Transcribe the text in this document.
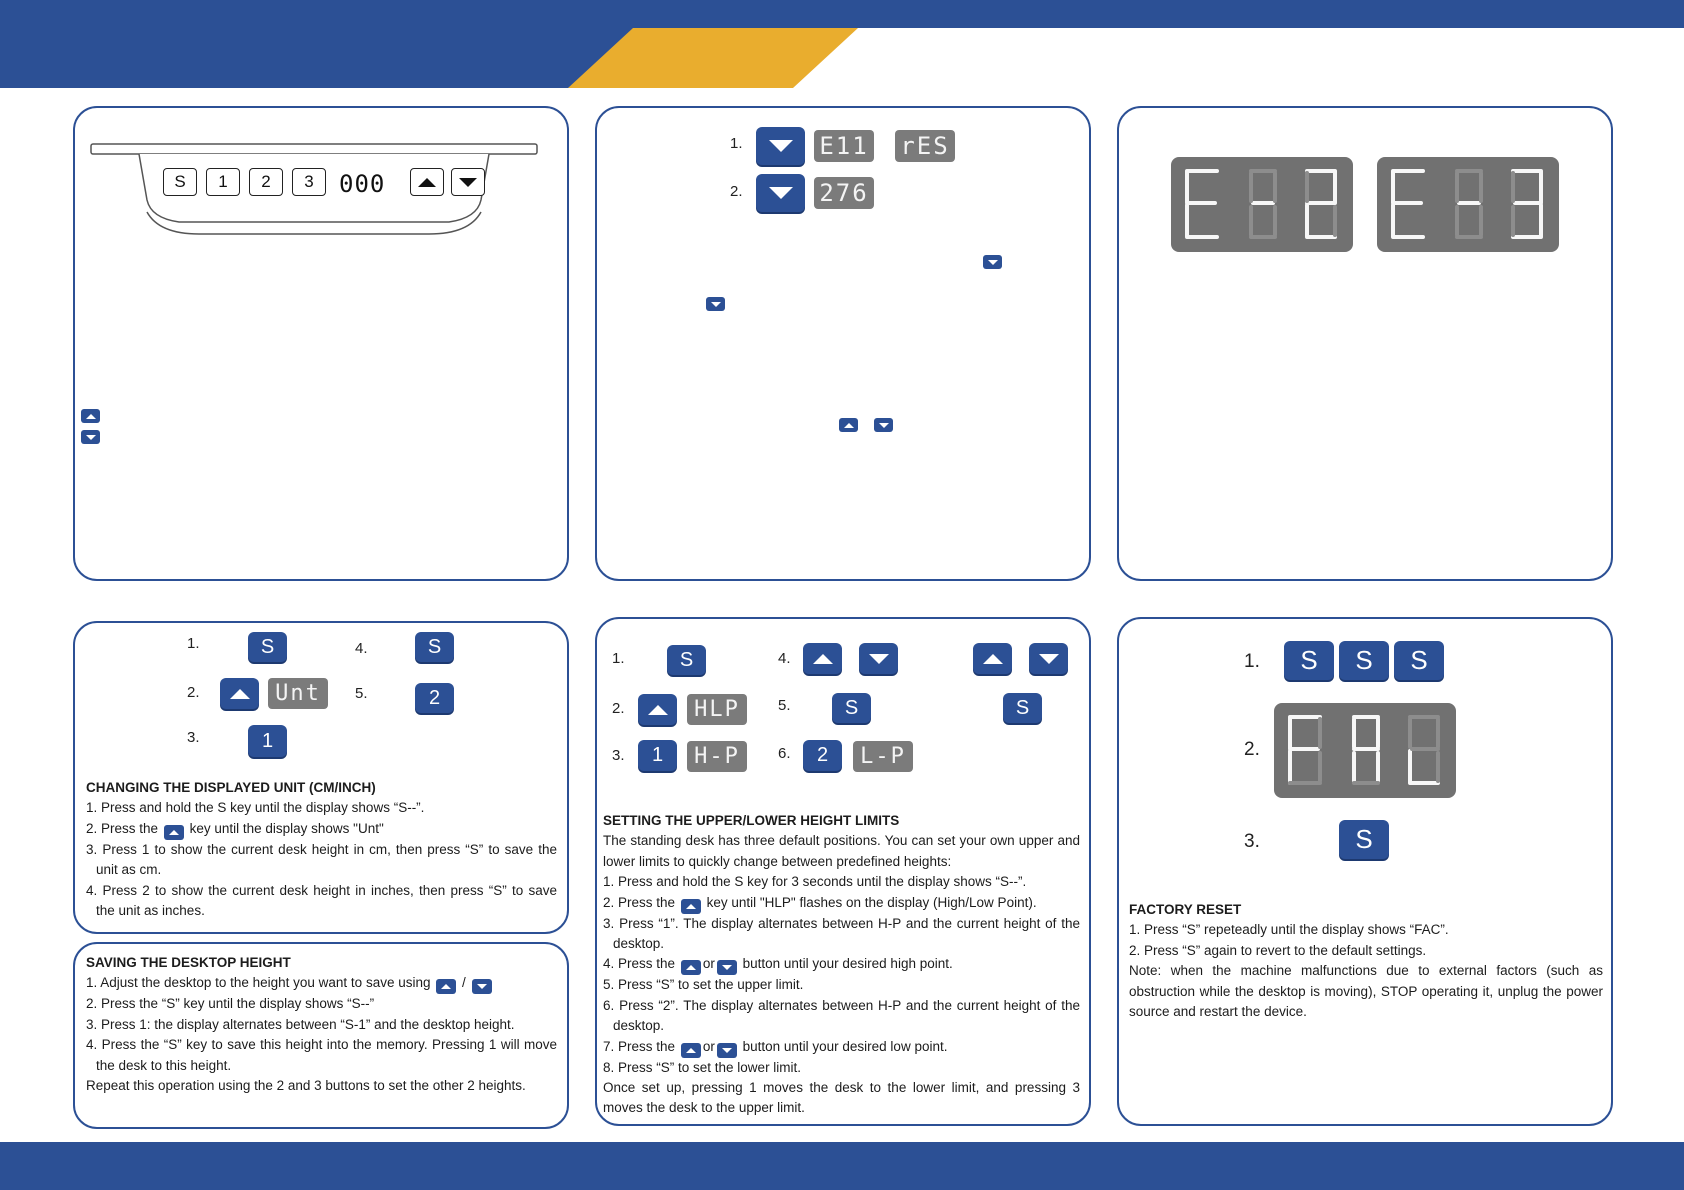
S	1	2	3	000
1.
2.
E11 rES
276
1.
2.
3.
4.
5.
S
Unt
1
S
2
CHANGING THE DISPLAYED UNIT (CM/INCH)
1. Press and hold the S key until the display shows “S--”.
2. Press the key until the display shows "Unt"
3. Press 1 to show the current desk height in cm, then press “S” to save the unit as cm.
4. Press 2 to show the current desk height in inches, then press “S” to save the unit as inches.
SAVING THE DESKTOP HEIGHT
1. Adjust the desktop to the height you want to save using /
2. Press the “S” key until the display shows “S--”
3. Press 1: the display alternates between “S-1” and the desktop height.
4. Press the “S” key to save this height into the memory. Pressing 1 will move the desk to this height.
Repeat this operation using the 2 and 3 buttons to set the other 2 heights.
1.
2.
3.
4.
5.
6.
S
HLP
1	H-P
S	S
2	L-P
SETTING THE UPPER/LOWER HEIGHT LIMITS
The standing desk has three default positions. You can set your own upper and lower limits to quickly change between predefined heights:
1. Press and hold the S key for 3 seconds until the display shows “S--”.
2. Press the key until "HLP" flashes on the display (High/Low Point).
3. Press “1”. The display alternates between H-P and the current height of the desktop.
4. Press the or button until your desired high point.
5. Press “S” to set the upper limit.
6. Press “2”. The display alternates between H-P and the current height of the desktop.
7. Press the or button until your desired low point.
8. Press “S” to set the lower limit.
Once set up, pressing 1 moves the desk to the lower limit, and pressing 3 moves the desk to the upper limit.
1.
2.
3.
S	S	S
S
FACTORY RESET
1. Press “S” repeteadly until the display shows “FAC”.
2. Press “S” again to revert to the default settings.
Note: when the machine malfunctions due to external factors (such as obstruction while the desktop is moving), STOP operating it, unplug the power source and restart the device.
